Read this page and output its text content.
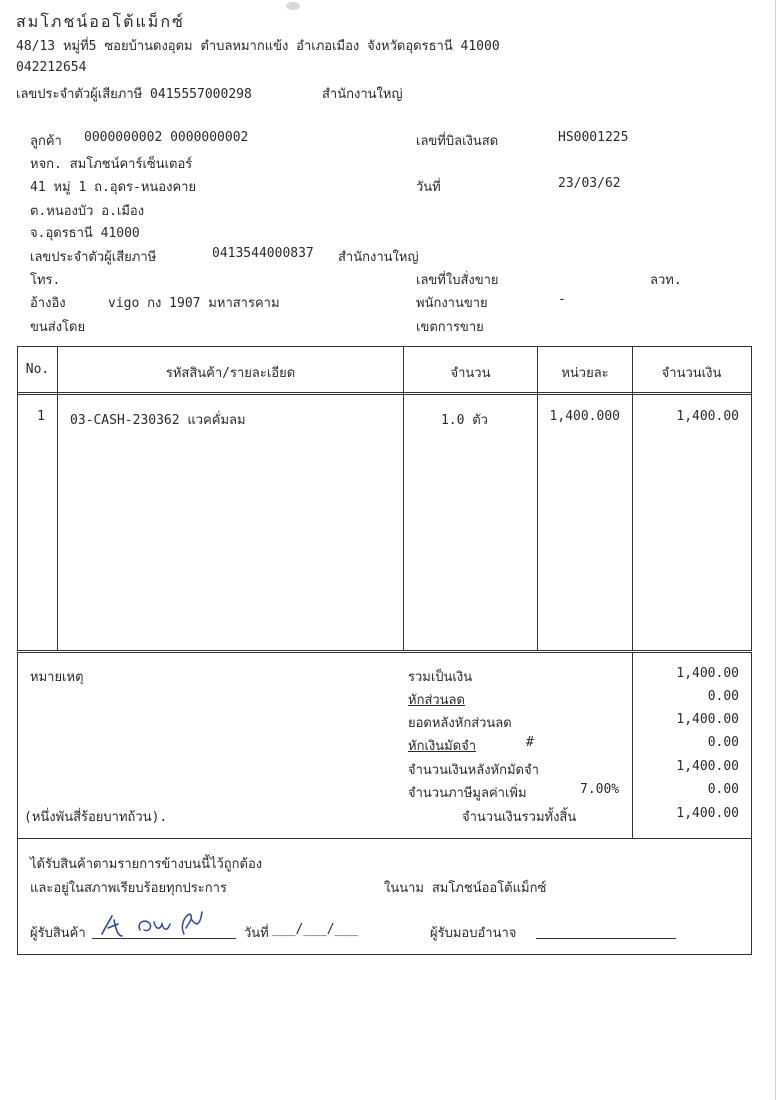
สมโภชน์ออโต้แม็กซ์
48/13 หมู่ที่5 ซอยบ้านดงอุดม ตำบลหมากแข้ง อำเภอเมือง จังหวัดอุดรธานี 41000
042212654
เลขประจำตัวผู้เสียภาษี 0415557000298	สำนักงานใหญ่
ลูกค้า 0000000002 0000000002
หจก. สมโภชน์คาร์เซ็นเตอร์
41 หมู่ 1 ถ.อุดร-หนองคาย
ต.หนองบัว อ.เมือง
จ.อุดรธานี 41000
เลขประจำตัวผู้เสียภาษี	0413544000837 สำนักงานใหญ่
โทร.
อ้างอิง	vigo กง 1907 มหาสารคาม
ขนส่งโดย
เลขที่บิลเงินสด	HS0001225
วันที่	23/03/62
เลขที่ใบสั่งขาย	ลวท.
พนักงานขาย	-
เขตการขาย
No.	รหัสสินค้า/รายละเอียด	จำนวน	หน่วยละ	จำนวนเงิน
1	03-CASH-230362 แวคคั่มลม	1.0 ตัว	1,400.000	1,400.00
หมายเหตุ
(หนึ่งพันสี่ร้อยบาทถ้วน).
รวมเป็นเงิน	1,400.00
หักส่วนลด	0.00
ยอดหลังหักส่วนลด	1,400.00
หักเงินมัดจำ	#	0.00
จำนวนเงินหลังหักมัดจำ	1,400.00
จำนวนภาษีมูลค่าเพิ่ม	7.00%	0.00
จำนวนเงินรวมทั้งสิ้น	1,400.00
ได้รับสินค้าตามรายการข้างบนนี้ไว้ถูกต้อง
และอยู่ในสภาพเรียบร้อยทุกประการ	ในนาม สมโภชน์ออโต้แม็กซ์
ผู้รับสินค้า	วันที่ ___/___/___	ผู้รับมอบอำนาจ
